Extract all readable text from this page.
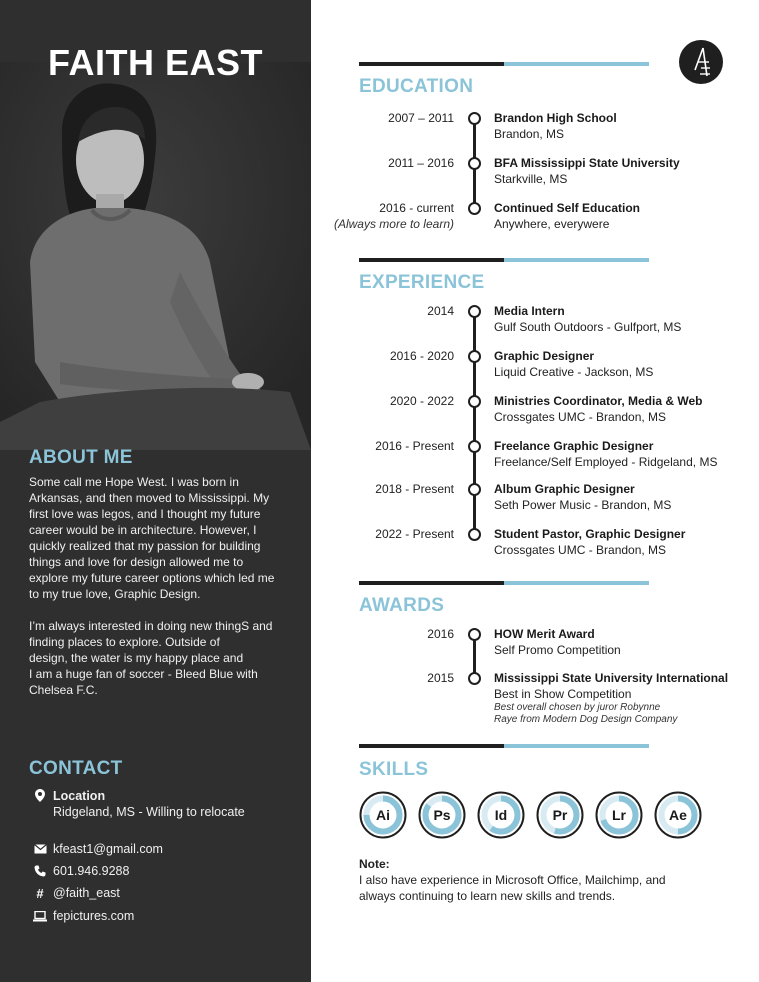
FAITH EAST
ABOUT ME

Some call me Hope West. I was born in
Arkansas, and then moved to Mississippi. My
first love was legos, and I thought my future
career would be in architecture. However, I
quickly realized that my passion for building
things and love for design allowed me to
explore my future career options which led me
to my true love, Graphic Design.

I’m always interested in doing new thingS and
finding places to explore. Outside of
design, the water is my happy place and
I am a huge fan of soccer - Bleed Blue with
Chelsea F.C.

CONTACT
Location
Ridgeland, MS - Willing to relocate
kfeast1@gmail.com
601.946.9288
# @faith_east
fepictures.com
EDUCATION
2007 – 2011	Brandon High School
Brandon, MS
2011 – 2016	BFA Mississippi State University
Starkville, MS
2016 - current
(Always more to learn)
Continued Self Education
Anywhere, everywere
EXPERIENCE
2014	Media Intern
Gulf South Outdoors - Gulfport, MS
2016 - 2020	Graphic Designer
Liquid Creative - Jackson, MS
2020 - 2022	Ministries Coordinator, Media & Web
Crossgates UMC - Brandon, MS
2016 - Present	Freelance Graphic Designer
Freelance/Self Employed - Ridgeland, MS
2018 - Present	Album Graphic Designer
Seth Power Music - Brandon, MS
2022 - Present	Student Pastor, Graphic Designer
Crossgates UMC - Brandon, MS
AWARDS
2016	HOW Merit Award
Self Promo Competition
2015	Mississippi State University International
Best in Show Competition
Best overall chosen by juror Robynne
Raye from Modern Dog Design Company
SKILLS
Ai	Ps	Id	Pr	Lr	Ae
Note:
I also have experience in Microsoft Office, Mailchimp, and
always continuing to learn new skills and trends.
